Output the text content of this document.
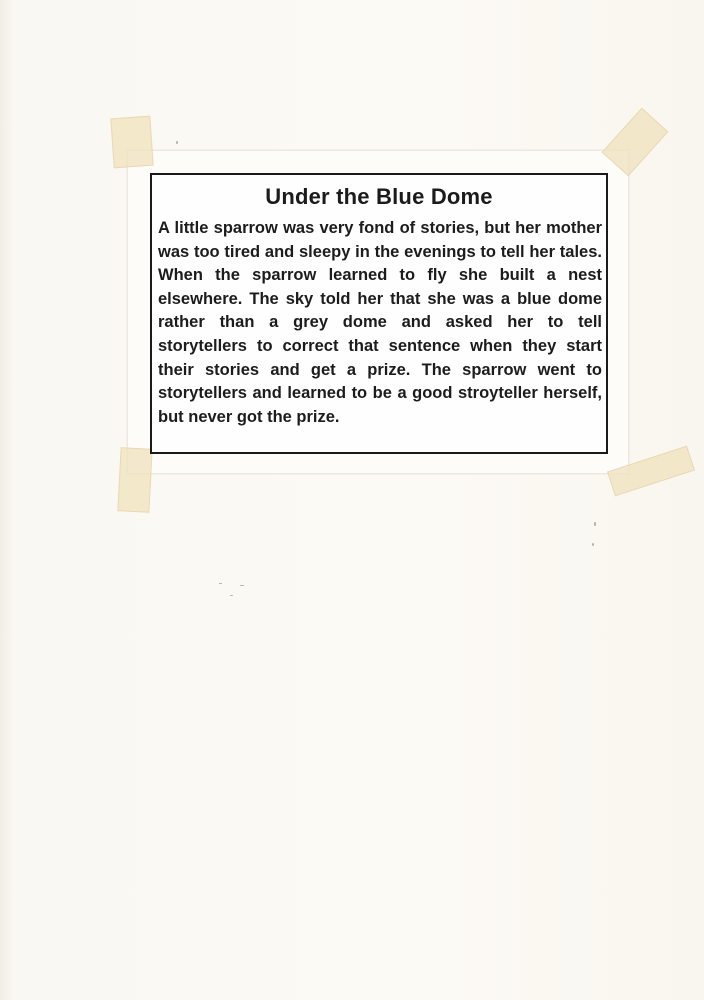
Under the Blue Dome
A little sparrow was very fond of stories, but her mother was too tired and sleepy in the evenings to tell her tales. When the sparrow learned to fly she built a nest elsewhere. The sky told her that she was a blue dome rather than a grey dome and asked her to tell storytellers to correct that sentence when they start their stories and get a prize. The sparrow went to storytellers and learned to be a good stroyteller herself, but never got the prize.
